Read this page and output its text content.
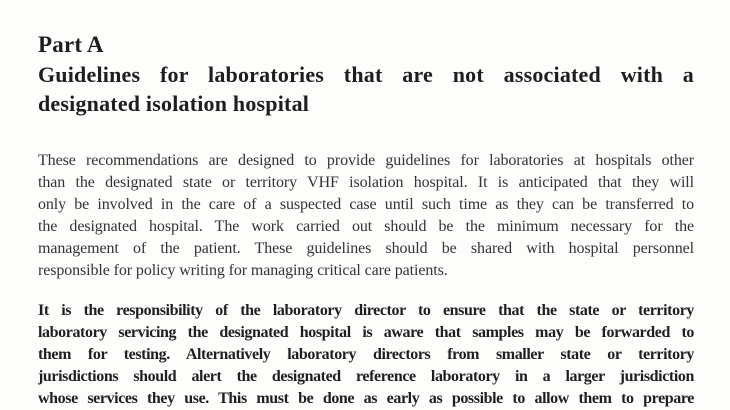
Part A
Guidelines for laboratories that are not associated with a
designated isolation hospital
These recommendations are designed to provide guidelines for laboratories at hospitals other
than the designated state or territory VHF isolation hospital. It is anticipated that they will
only be involved in the care of a suspected case until such time as they can be transferred to
the designated hospital. The work carried out should be the minimum necessary for the
management of the patient. These guidelines should be shared with hospital personnel
responsible for policy writing for managing critical care patients.
It is the responsibility of the laboratory director to ensure that the state or territory
laboratory servicing the designated hospital is aware that samples may be forwarded to
them for testing. Alternatively laboratory directors from smaller state or territory
jurisdictions should alert the designated reference laboratory in a larger jurisdiction
whose services they use. This must be done as early as possible to allow them to prepare
